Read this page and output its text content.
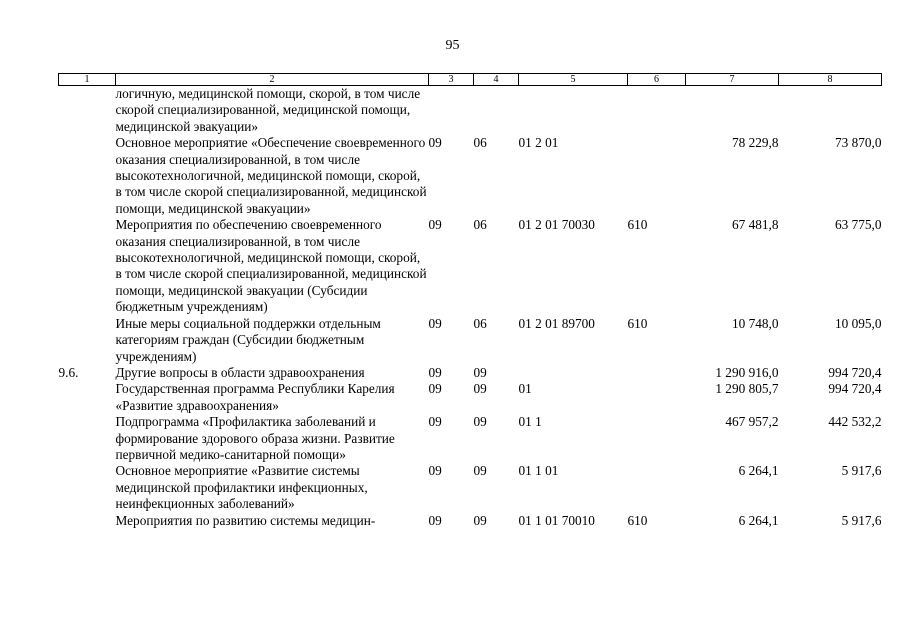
95
1	2	3	4	5	6	7	8
	логичную, медицинской помощи, скорой, в том числе скорой специализированной, медицинской помощи, медицинской эвакуации»						
	Основное мероприятие «Обеспечение своевременного оказания специализированной, в том числе высокотехнологичной, медицинской помощи, скорой, в том числе скорой специализированной, медицинской помощи, медицинской эвакуации»	09	06	01 2 01		78 229,8	73 870,0
	Мероприятия по обеспечению своевременного оказания специализированной, в том числе высокотехнологичной, медицинской помощи, скорой, в том числе скорой специализированной, медицинской помощи, медицинской эвакуации (Субсидии бюджетным учреждениям)	09	06	01 2 01 70030	610	67 481,8	63 775,0
	Иные меры социальной поддержки отдельным категориям граждан (Субсидии бюджетным учреждениям)	09	06	01 2 01 89700	610	10 748,0	10 095,0
9.6.	Другие вопросы в области здравоохранения	09	09			1 290 916,0	994 720,4
	Государственная программа Республики Карелия «Развитие здравоохранения»	09	09	01		1 290 805,7	994 720,4
	Подпрограмма «Профилактика заболеваний и формирование здорового образа жизни. Развитие первичной медико-санитарной помощи»	09	09	01 1		467 957,2	442 532,2
	Основное мероприятие «Развитие системы медицинской профилактики инфекционных, неинфекционных заболеваний»	09	09	01 1 01		6 264,1	5 917,6
	Мероприятия по развитию системы медицин-	09	09	01 1 01 70010	610	6 264,1	5 917,6
